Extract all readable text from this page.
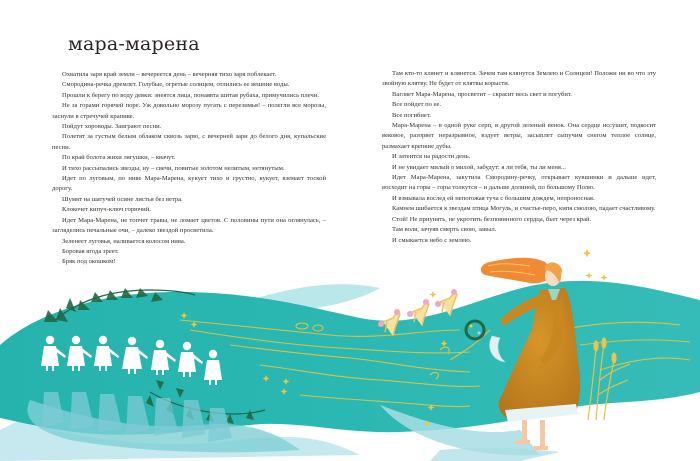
мара-марена

Охватила заря край земли – вечереется день – вечерняя тихо заря поблекает.

Смородина-речка дремлет. Голубые, огретые солнцем, отлились ее вешние воды.

Прошли к берегу по воду девки: знеятся лица, понаявта шитая рубаха, примучились плечи.

Не за горами горячей поре. Уж довольно морозу пугать с перезимья! – полегли все морозы, заснули в стречучей крапиве.

Пойдут хороводы. Заиграют песни.

Полетят за густым белым облаком сквозь зарю, с вечерней зари до белого дня, купальские песни.

По край болота жихи лягушки, – квачут.

И тихо рассыпались звезды, ну – свечи, повитые золотом нелитым, нетянутым.

Идет по луговым, по ниве Мара-Марена, кукует тихо и грустно, кукует, вземает тоской дорогу.

Шумят на шатучей осине листья без ветра.

Клокочет кипуч-ключ горючий.

Идет Мара-Марена, не топчет травы, не ломает цветов. С половины пути она оглянулась, – загляделись печальные очи, – далеко звездой просветила.

Зеленеет луговья, наливается колосом нива.

Боровая ягода зреет.

Бряк под окошком!

Там кто-то клянет и клянется. Зачем там клянутся Землею и Солнцем! Положи ни во что эту звойную клятву. Не будет от клятвы корысти.

Вагляет Мара-Марена, просветит – скрасит весь свет и погубит.

Все пойдет по ее.

Все погибнет.

Мара-Марена – в одной руке серп, в другой зеленый венок. Она сердце иссушит, подкосит вековое, разорвет неразрывное, вздует ветры, засыплет сыпучим снегом теплое солнце, размахает крепкие дубы.

И затеится на радости день.

И не увидает милый о милой, забудут: я ли тебя, ты ли меня...

Идет Мара-Марена, закутила Смородину-речку, открывает кувшинки и дальше идет, восходит на горы – горы толкутся – и дальше долиной, по большому Полю.

И взмывала вослед ей непогожая туча с большим дождем, непроносная.

Камнем шибается к звездам птица Могуль, и счастье-перо, кипя смолою, падает счастливому.

Стой! Не приунять, не укротить безповинного сердца, бьет через край.

Там воля, зачуяв смерть свою, завыл.

И смыкается небо с землею.
